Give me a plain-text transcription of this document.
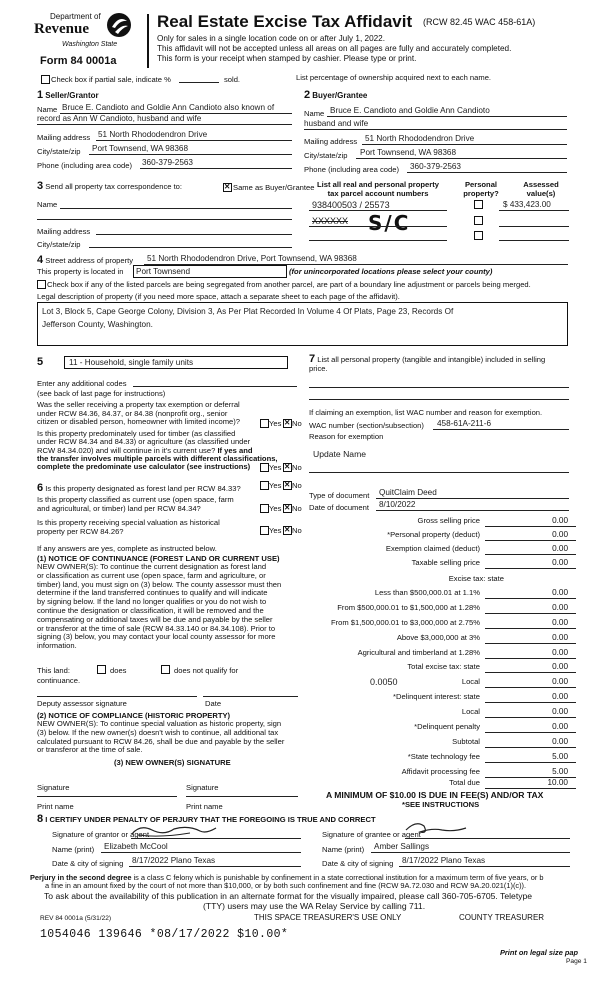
Department of
Revenue
Washington State
Form 84 0001a
Real Estate Excise Tax Affidavit (RCW 82.45 WAC 458-61A)
Only for sales in a single location code on or after July 1, 2022.
This affidavit will not be accepted unless all areas on all pages are fully and accurately completed.
This form is your receipt when stamped by cashier. Please type or print.
Check box if partial sale, indicate %	sold.	List percentage of ownership acquired next to each name.
1 Seller/Grantor
Name Bruce E. Candioto and Goldie Ann Candioto also known of
record as Ann W Candioto, husband and wife
Mailing address 51 North Rhododendron Drive
City/state/zip Port Townsend, WA 98368
Phone (including area code) 360-379-2563
2 Buyer/Grantee
Name Bruce E. Candioto and Goldie Ann Candioto
husband and wife
Mailing address 51 North Rhododendron Drive
City/state/zip Port Townsend, WA 98368
Phone (including area code) 360-379-2563
3 Send all property tax correspondence to: ✕	Same as Buyer/Grantee
Name
Mailing address
City/state/zip
List all real and personal property tax parcel account numbers
Personal property?
Assessed value(s)
938400503 / 25573	$ 433,423.00
XXXXXX S/C
4 Street address of property 51 North Rhododendron Drive, Port Townsend, WA 98368
This property is located in	Port Townsend	(for unincorporated locations please select your county)
Check box if any of the listed parcels are being segregated from another parcel, are part of a boundary line adjustment or parcels being merged.
Legal description of property (if you need more space, attach a separate sheet to each page of the affidavit).
Lot 3, Block 5, Cape George Colony, Division 3, As Per Plat Recorded In Volume 4 Of Plats, Page 23, Records Of
Jefferson County, Washington.
5	11 - Household, single family units
Enter any additional codes
(see back of last page for instructions)
Was the seller receiving a property tax exemption or deferral
under RCW 84.36, 84.37, or 84.38 (nonprofit org., senior
citizen or disabled person, homeowner with limited income)?	Yes ✕ No
Is this property predominately used for timber (as classified
under RCW 84.34 and 84.33) or agriculture (as classified under
RCW 84.34.020) and will continue in it's current use? If yes and
the transfer involves multiple parcels with different classifications,
complete the predominate use calculator (see instructions)	Yes ✕ No
6 Is this property designated as forest land per RCW 84.33?	Yes ✕ No
Is this property classified as current use (open space, farm
and agricultural, or timber) land per RCW 84.34?	Yes ✕ No
Is this property receiving special valuation as historical
property per RCW 84.26?	Yes ✕ No
If any answers are yes, complete as instructed below.
(1) NOTICE OF CONTINUANCE (FOREST LAND OR CURRENT USE)
NEW OWNER(S): To continue the current designation as forest land
or classification as current use (open space, farm and agriculture, or
timber) land, you must sign on (3) below. The county assessor must then
determine if the land transferred continues to qualify and will indicate
by signing below. If the land no longer qualifies or you do not wish to
continue the designation or classification, it will be removed and the
compensating or additional taxes will be due and payable by the seller
or transferor at the time of sale (RCW 84.33.140 or 84.34.108). Prior to
signing (3) below, you may contact your local county assessor for more
information.
This land:	does	does not qualify for
continuance.
Deputy assessor signature	Date
(2) NOTICE OF COMPLIANCE (HISTORIC PROPERTY)
NEW OWNER(S): To continue special valuation as historic property, sign
(3) below. If the new owner(s) doesn't wish to continue, all additional tax
calculated pursuant to RCW 84.26, shall be due and payable by the seller
or transferor at the time of sale.
(3) NEW OWNER(S) SIGNATURE
Signature	Signature
Print name	Print name
7 List all personal property (tangible and intangible) included in selling
price.
If claiming an exemption, list WAC number and reason for exemption.
WAC number (section/subsection) 458-61A-211-6
Reason for exemption
Update Name
Type of document QuitClaim Deed
Date of document 8/10/2022
Gross selling price	0.00
*Personal property (deduct)	0.00
Exemption claimed (deduct)	0.00
Taxable selling price	0.00
Excise tax: state
Less than $500,000.01 at 1.1%	0.00
From $500,000.01 to $1,500,000 at 1.28%	0.00
From $1,500,000.01 to $3,000,000 at 2.75%	0.00
Above $3,000,000 at 3%	0.00
Agricultural and timberland at 1.28%	0.00
Total excise tax: state	0.00
Local	0.00
*Delinquent interest: state	0.00
Local	0.00
*Delinquent penalty	0.00
Subtotal	0.00
*State technology fee	5.00
Affidavit processing fee	5.00
Total due	10.00
0.0050
A MINIMUM OF $10.00 IS DUE IN FEE(S) AND/OR TAX
*SEE INSTRUCTIONS
8 I CERTIFY UNDER PENALTY OF PERJURY THAT THE FOREGOING IS TRUE AND CORRECT
Signature of grantor or agent
Name (print) Elizabeth McCool
Date & city of signing 8/17/2022 Plano Texas
Signature of grantee or agent
Name (print) Amber Sallings
Date & city of signing 8/17/2022 Plano Texas
Perjury in the second degree is a class C felony which is punishable by confinement in a state correctional institution for a maximum term of five years, or b
a fine in an amount fixed by the court of not more than $10,000, or by both such confinement and fine (RCW 9A.72.030 and RCW 9A.20.021(1)(c)).
To ask about the availability of this publication in an alternate format for the visually impaired, please call 360-705-6705. Teletype
(TTY) users may use the WA Relay Service by calling 711.
REV 84 0001a (5/31/22)	THIS SPACE TREASURER'S USE ONLY	COUNTY TREASURER
1054046 139646 *08/17/2022 $10.00*
Print on legal size pap
Page 1
